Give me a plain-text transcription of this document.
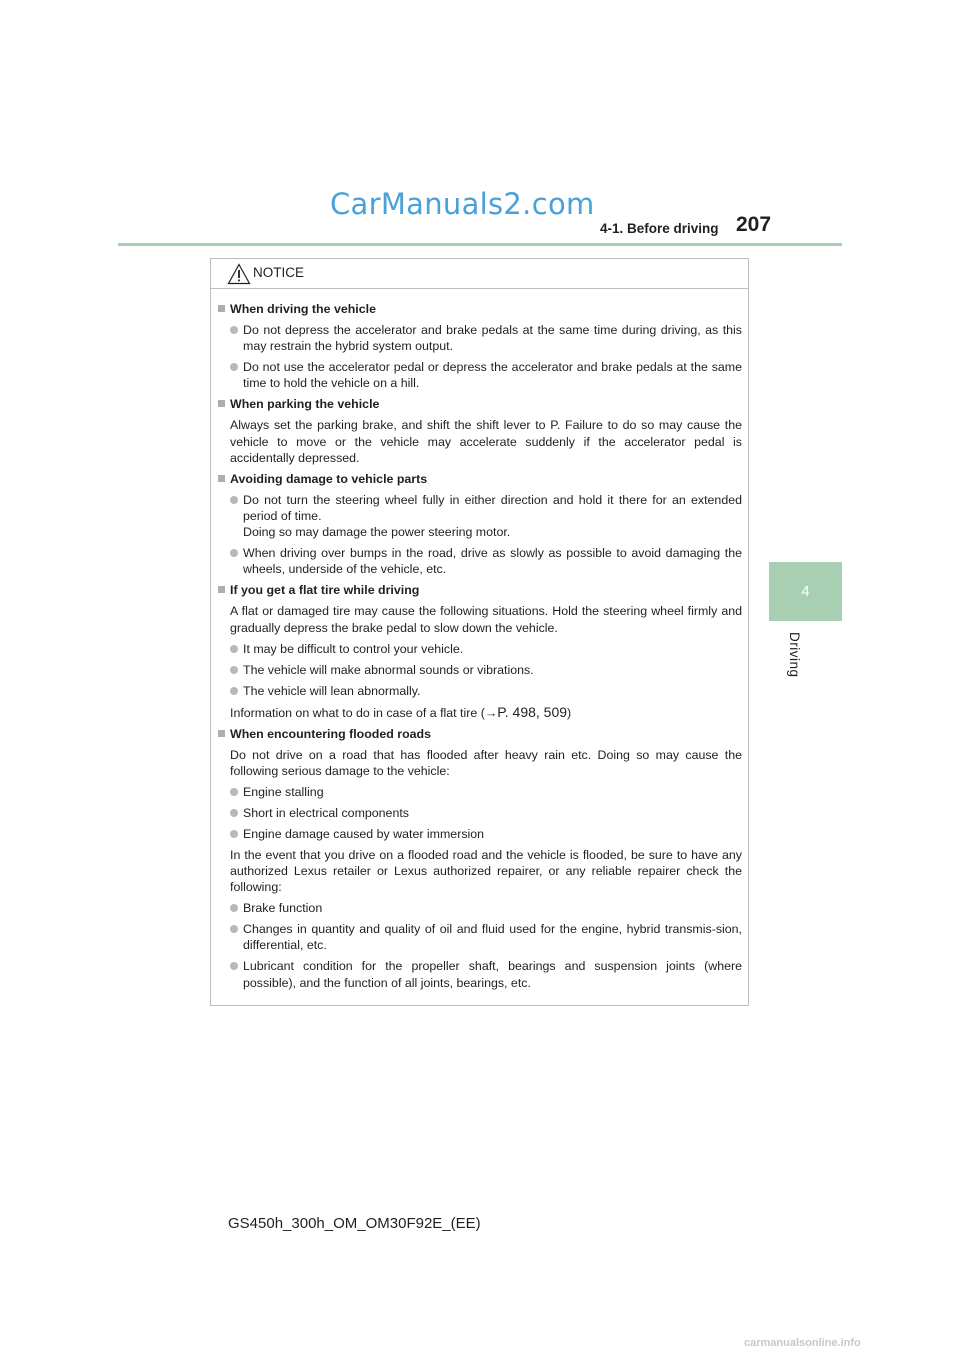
CarManuals2.com
4-1. Before driving 207
4
Driving
NOTICE
When driving the vehicle
Do not depress the accelerator and brake pedals at the same time during driving, as this may restrain the hybrid system output.
Do not use the accelerator pedal or depress the accelerator and brake pedals at the same time to hold the vehicle on a hill.
When parking the vehicle
Always set the parking brake, and shift the shift lever to P. Failure to do so may cause the vehicle to move or the vehicle may accelerate suddenly if the accelerator pedal is accidentally depressed.
Avoiding damage to vehicle parts
Do not turn the steering wheel fully in either direction and hold it there for an extended period of time.
Doing so may damage the power steering motor.
When driving over bumps in the road, drive as slowly as possible to avoid damaging the wheels, underside of the vehicle, etc.
If you get a flat tire while driving
A flat or damaged tire may cause the following situations. Hold the steering wheel firmly and gradually depress the brake pedal to slow down the vehicle.
It may be difficult to control your vehicle.
The vehicle will make abnormal sounds or vibrations.
The vehicle will lean abnormally.
Information on what to do in case of a flat tire (→P. 498, 509)
When encountering flooded roads
Do not drive on a road that has flooded after heavy rain etc. Doing so may cause the following serious damage to the vehicle:
Engine stalling
Short in electrical components
Engine damage caused by water immersion
In the event that you drive on a flooded road and the vehicle is flooded, be sure to have any authorized Lexus retailer or Lexus authorized repairer, or any reliable repairer check the following:
Brake function
Changes in quantity and quality of oil and fluid used for the engine, hybrid transmis-sion, differential, etc.
Lubricant condition for the propeller shaft, bearings and suspension joints (where possible), and the function of all joints, bearings, etc.
GS450h_300h_OM_OM30F92E_(EE)
carmanualsonline.info
